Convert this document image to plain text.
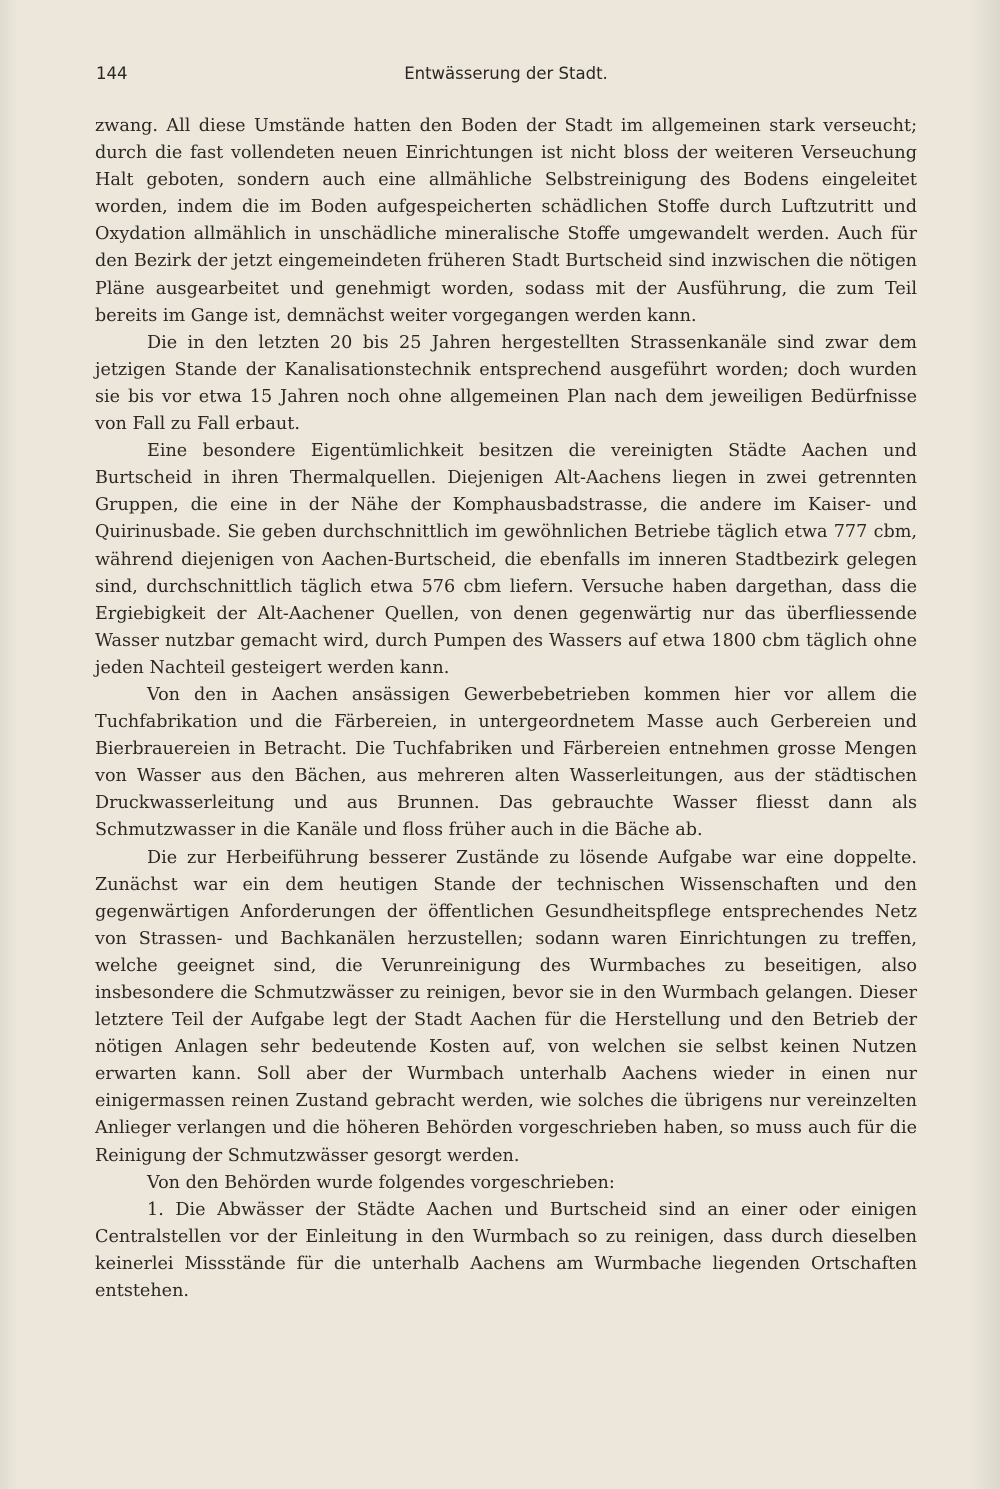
144	Entwässerung der Stadt.

zwang. All diese Umstände hatten den Boden der Stadt im allgemeinen stark verseucht; durch die fast vollendeten neuen Einrichtungen ist nicht bloss der weiteren Verseuchung Halt geboten, sondern auch eine allmähliche Selbstreinigung des Bodens eingeleitet worden, indem die im Boden aufgespeicherten schädlichen Stoffe durch Luftzutritt und Oxydation allmählich in unschädliche mineralische Stoffe umgewandelt werden. Auch für den Bezirk der jetzt eingemeindeten früheren Stadt Burtscheid sind inzwischen die nötigen Pläne ausgearbeitet und genehmigt worden, sodass mit der Ausführung, die zum Teil bereits im Gange ist, demnächst weiter vorgegangen werden kann.

Die in den letzten 20 bis 25 Jahren hergestellten Strassenkanäle sind zwar dem jetzigen Stande der Kanalisationstechnik entsprechend ausgeführt worden; doch wurden sie bis vor etwa 15 Jahren noch ohne allgemeinen Plan nach dem jeweiligen Bedürfnisse von Fall zu Fall erbaut.

Eine besondere Eigentümlichkeit besitzen die vereinigten Städte Aachen und Burtscheid in ihren Thermalquellen. Diejenigen Alt-Aachens liegen in zwei getrennten Gruppen, die eine in der Nähe der Komphausbadstrasse, die andere im Kaiser- und Quirinusbade. Sie geben durchschnittlich im gewöhnlichen Betriebe täglich etwa 777 cbm, während diejenigen von Aachen-Burtscheid, die ebenfalls im inneren Stadtbezirk gelegen sind, durchschnittlich täglich etwa 576 cbm liefern. Versuche haben dargethan, dass die Ergiebigkeit der Alt-Aachener Quellen, von denen gegenwärtig nur das überfliessende Wasser nutzbar gemacht wird, durch Pumpen des Wassers auf etwa 1800 cbm täglich ohne jeden Nachteil gesteigert werden kann.

Von den in Aachen ansässigen Gewerbebetrieben kommen hier vor allem die Tuchfabrikation und die Färbereien, in untergeordnetem Masse auch Gerbereien und Bierbrauereien in Betracht. Die Tuchfabriken und Färbereien entnehmen grosse Mengen von Wasser aus den Bächen, aus mehreren alten Wasserleitungen, aus der städtischen Druckwasserleitung und aus Brunnen. Das gebrauchte Wasser fliesst dann als Schmutzwasser in die Kanäle und floss früher auch in die Bäche ab.

Die zur Herbeiführung besserer Zustände zu lösende Aufgabe war eine doppelte. Zunächst war ein dem heutigen Stande der technischen Wissenschaften und den gegenwärtigen Anforderungen der öffentlichen Gesundheitspflege entsprechendes Netz von Strassen- und Bachkanälen herzustellen; sodann waren Einrichtungen zu treffen, welche geeignet sind, die Verunreinigung des Wurmbaches zu beseitigen, also insbesondere die Schmutzwässer zu reinigen, bevor sie in den Wurmbach gelangen. Dieser letztere Teil der Aufgabe legt der Stadt Aachen für die Herstellung und den Betrieb der nötigen Anlagen sehr bedeutende Kosten auf, von welchen sie selbst keinen Nutzen erwarten kann. Soll aber der Wurmbach unterhalb Aachens wieder in einen nur einigermassen reinen Zustand gebracht werden, wie solches die übrigens nur vereinzelten Anlieger verlangen und die höheren Behörden vorgeschrieben haben, so muss auch für die Reinigung der Schmutzwässer gesorgt werden.

Von den Behörden wurde folgendes vorgeschrieben:

1. Die Abwässer der Städte Aachen und Burtscheid sind an einer oder einigen Centralstellen vor der Einleitung in den Wurmbach so zu reinigen, dass durch dieselben keinerlei Missstände für die unterhalb Aachens am Wurmbache liegenden Ortschaften entstehen.
